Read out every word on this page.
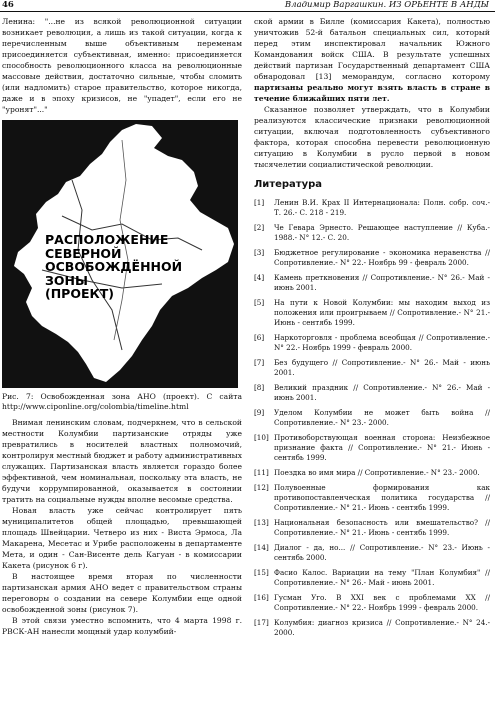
46	Владимир Варгашкин. ИЗ ОРЬЕНТЕ В АНДЫ

Ленина: "...не из всякой революционной ситуации возникает революция, а лишь из такой ситуации, когда к перечисленным выше объективным переменам присоединяется субъективная, именно: присоединяется способность революционного класса на революционные массовые действия, достаточно сильные, чтобы сломить (или надломить) старое правительство, которое никогда, даже и в эпоху кризисов, не "упадет", если его не "уронят"..."

РАСПОЛОЖЕНИЕ
СЕВЕРНОЙ
ОСВОБОЖДЁННОЙ
ЗОНЫ
(ПРОЕКТ)
Рис. 7: Освобожденная зона АНО (проект). С сайта http://www.ciponline.org/colombia/timeline.html

Внимая ленинским словам, подчеркнем, что в сельской местности Колумбии партизанские отряды уже превратились в носителей властных полномочий, контролируя местный бюджет и работу административных служащих. Партизанская власть является гораздо более эффективной, чем номинальная, поскольку эта власть, не будучи коррумпированной, оказывается в состоянии тратить на социальные нужды вполне весомые средства.

Новая власть уже сейчас контролирует пять муниципалитетов общей площадью, превышающей площадь Швейцарии. Четверо из них - Виста Эрмоса, Ла Макарена, Месетас и Урибе расположены в департаменте Мета, и один - Сан-Висенте дель Кагуан - в комиссарии Какета (рисунок 6 г).

В настоящее время вторая по численности партизанская армия АНО ведет с правительством страны переговоры о создании на севере Колумбии еще одной освобожденной зоны (рисунок 7).

В этой связи уместно вспомнить, что 4 марта 1998 г. РВСК-АН нанесли мощный удар колумбий-

ской армии в Билле (комиссария Какета), полностью уничтожив 52-й батальон специальных сил, который перед этим инспектировал начальник Южного Командования войск США. В результате успешных действий партизан Государственный департамент США обнародовал [13] меморандум, согласно которому партизаны реально могут взять власть в стране в течение ближайших пяти лет.

Сказанное позволяет утверждать, что в Колумбии реализуются классические признаки революционной ситуации, включая подготовленность субъективного фактора, которая способна перевести революционную ситуацию в Колумбии в русло первой в новом тысячелетии социалистической революции.

Литература
[1]	Ленин В.И. Крах II Интернационала: Полн. собр. соч.- Т. 26.- С. 218 - 219.
[2]	Че Гевара Эрнесто. Решающее наступление // Куба.- 1988.- N° 12.- С. 20.
[3]	Бюджетное регулирование - экономика неравенства // Сопротивление.- N° 22.- Ноябрь 99 - февраль 2000.
[4]	Камень преткновения // Сопротивление.- N° 26.- Май - июнь 2001.
[5]	На пути к Новой Колумбии: мы находим выход из положения или проигрываем // Сопротивление.- N° 21.- Июнь - сентябь 1999.
[6]	Наркоторговля - проблема всеобщая // Сопротивление.- N° 22.- Ноябрь 1999 - февраль 2000.
[7]	Без будущего // Сопротивление.- N° 26.- Май - июнь 2001.
[8]	Великий праздник // Сопротивление.- N° 26.- Май - июнь 2001.
[9]	Уделом Колумбии не может быть война // Сопротивление.- N° 23.- 2000.
[10] Противоборствующая военная сторона: Неизбежное признание факта // Сопротивление.- N° 21.- Июнь - сентябь 1999.
[11] Поездка во имя мира // Сопротивление.- N° 23.- 2000.
[12] Полувоенные формирования как противопоставленческая политика государства // Сопротивление.- N° 21.- Июнь - сентябь 1999.
[13] Национальная безопасность или вмешательство? // Сопротивление.- N° 21.- Июнь - сентябь 1999.
[14] Диалог - да, но... // Сопротивление.- N° 23.- Июнь - сентябь 2000.
[15] Фасио Калос. Вариации на тему "План Колумбия" // Сопротивление.- N° 26.- Май - июнь 2001.
[16] Гусман Уго. В XXI век с проблемами XX // Сопротивление.- N° 22.- Ноябрь 1999 - февраль 2000.
[17] Колумбия: диагноз кризиса // Сопротивление.- N° 24.- 2000.
